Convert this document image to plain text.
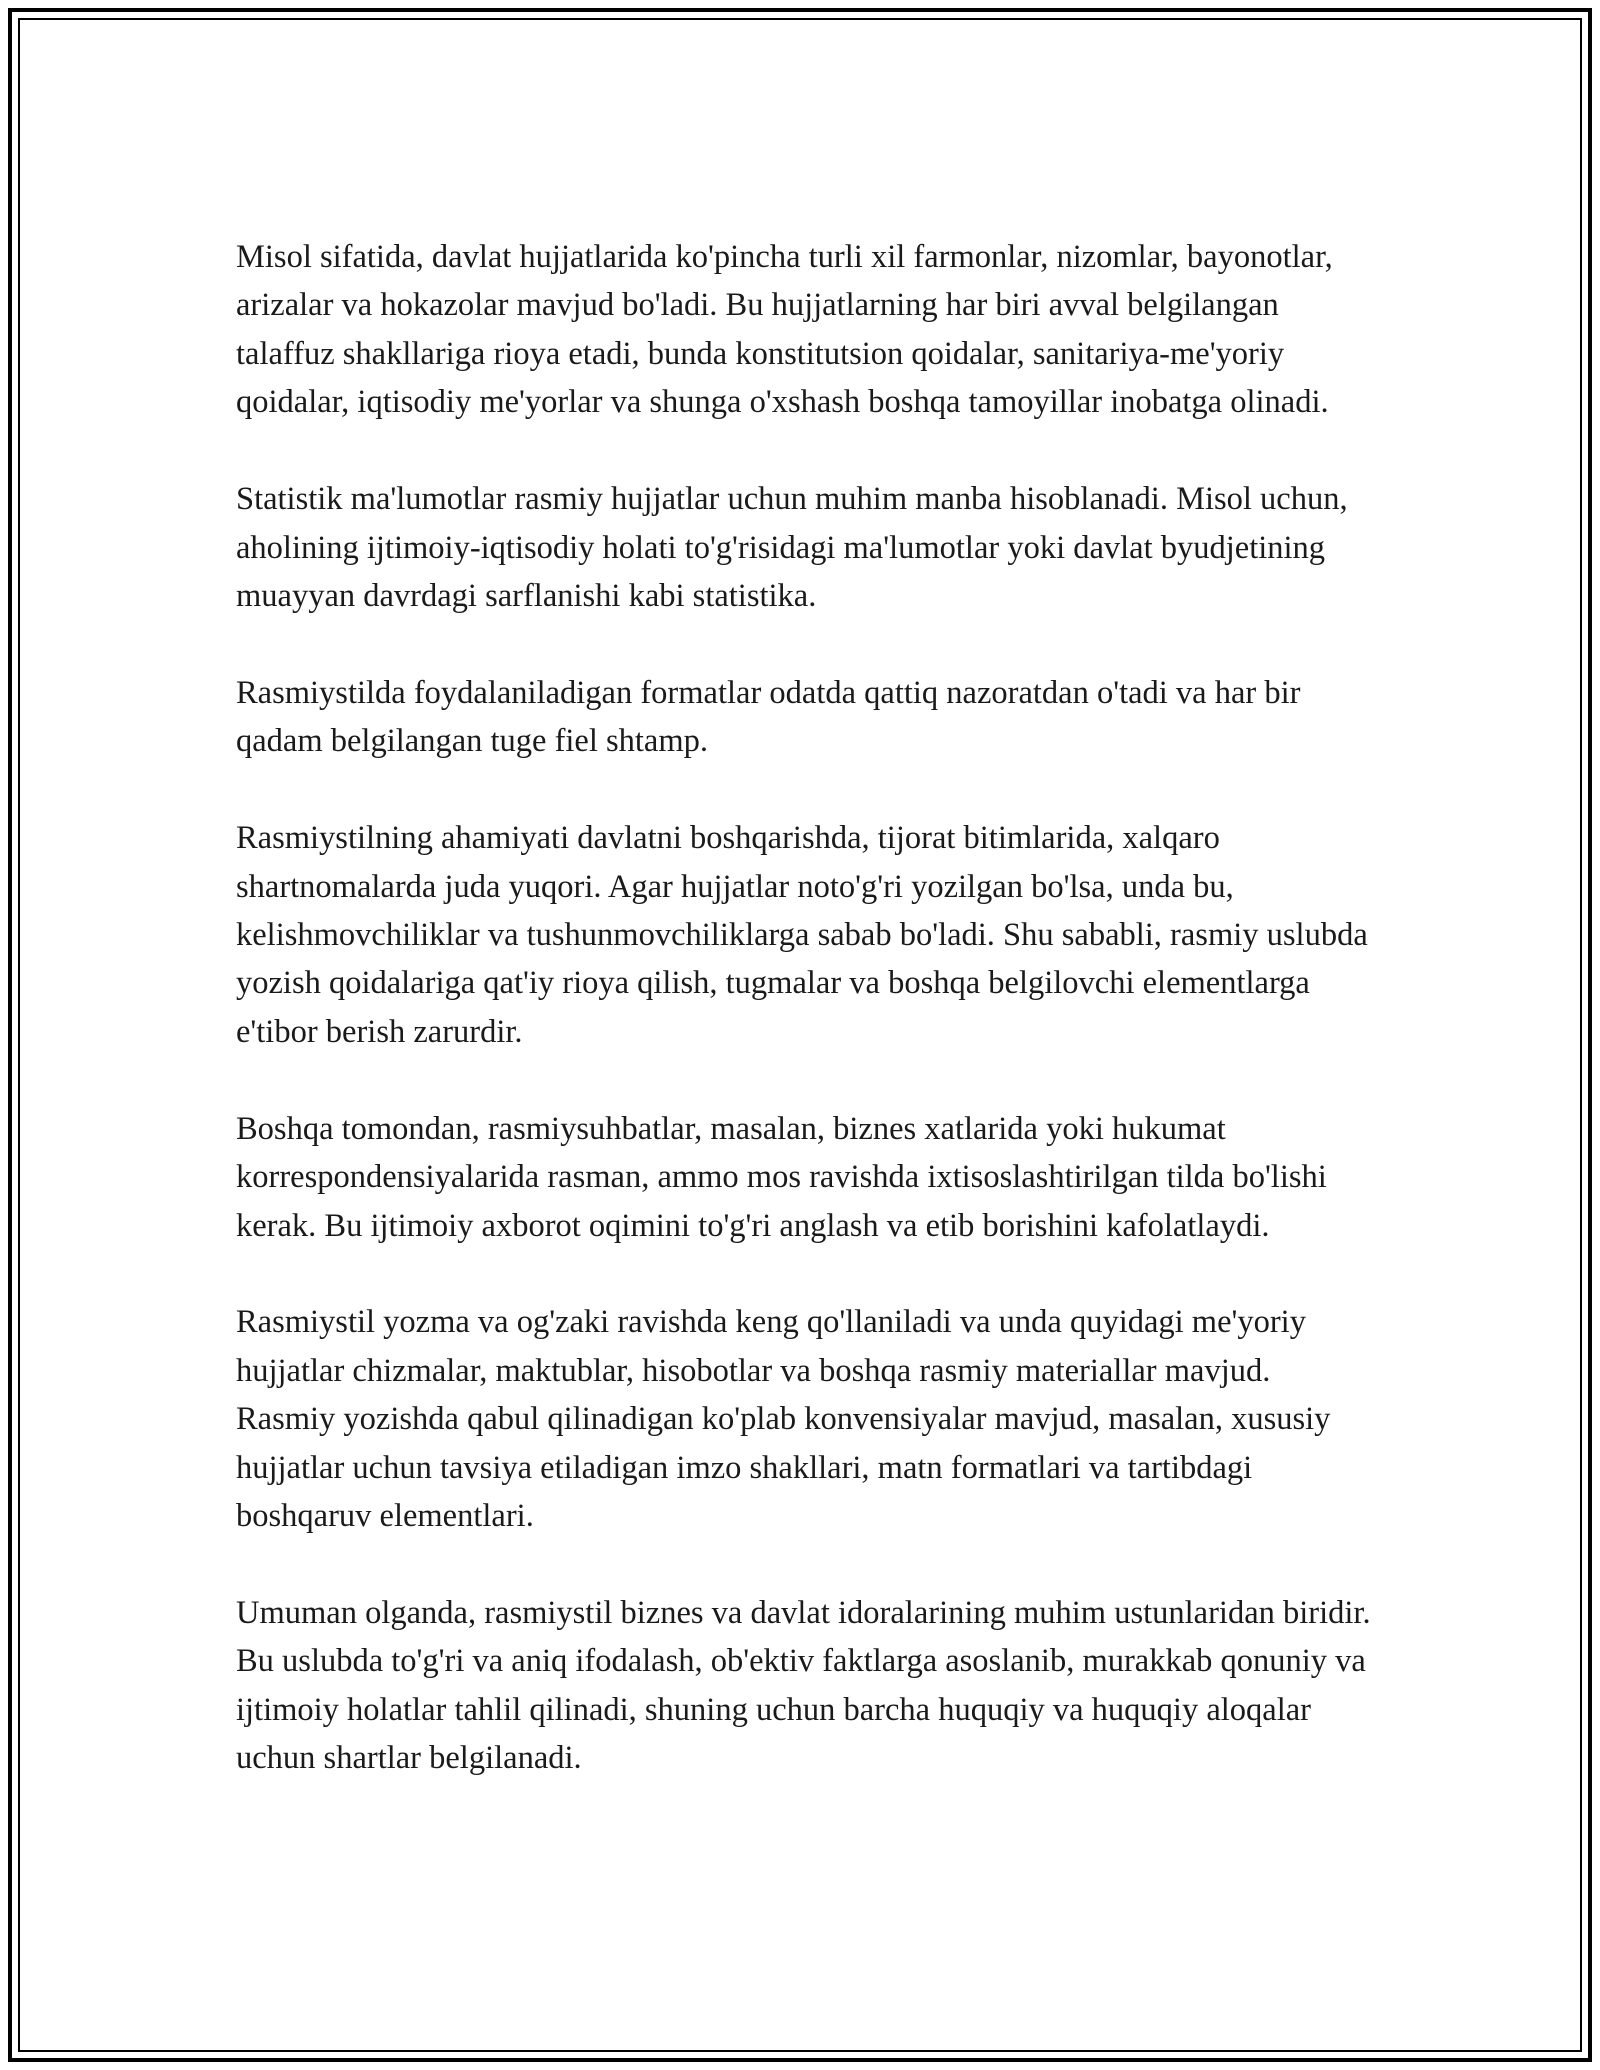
Misol sifatida, davlat hujjatlarida ko'pincha turli xil farmonlar, nizomlar, bayonotlar, arizalar va hokazolar mavjud bo'ladi. Bu hujjatlarning har biri avval belgilangan talaffuz shakllariga rioya etadi, bunda konstitutsion qoidalar, sanitariya-me'yoriy qoidalar, iqtisodiy me'yorlar va shunga o'xshash boshqa tamoyillar inobatga olinadi.

Statistik ma'lumotlar rasmiy hujjatlar uchun muhim manba hisoblanadi. Misol uchun, aholining ijtimoiy-iqtisodiy holati to'g'risidagi ma'lumotlar yoki davlat byudjetining muayyan davrdagi sarflanishi kabi statistika.

Rasmiystilda foydalaniladigan formatlar odatda qattiq nazoratdan o'tadi va har bir qadam belgilangan tuge fiel shtamp.

Rasmiystilning ahamiyati davlatni boshqarishda, tijorat bitimlarida, xalqaro shartnomalarda juda yuqori. Agar hujjatlar noto'g'ri yozilgan bo'lsa, unda bu, kelishmovchiliklar va tushunmovchiliklarga sabab bo'ladi. Shu sababli, rasmiy uslubda yozish qoidalariga qat'iy rioya qilish, tugmalar va boshqa belgilovchi elementlarga e'tibor berish zarurdir.

Boshqa tomondan, rasmiysuhbatlar, masalan, biznes xatlarida yoki hukumat korrespondensiyalarida rasman, ammo mos ravishda ixtisoslashtirilgan tilda bo'lishi kerak. Bu ijtimoiy axborot oqimini to'g'ri anglash va etib borishini kafolatlaydi.

Rasmiystil yozma va og'zaki ravishda keng qo'llaniladi va unda quyidagi me'yoriy hujjatlar chizmalar, maktublar, hisobotlar va boshqa rasmiy materiallar mavjud. Rasmiy yozishda qabul qilinadigan ko'plab konvensiyalar mavjud, masalan, xususiy hujjatlar uchun tavsiya etiladigan imzo shakllari, matn formatlari va tartibdagi boshqaruv elementlari.

Umuman olganda, rasmiystil biznes va davlat idoralarining muhim ustunlaridan biridir. Bu uslubda to'g'ri va aniq ifodalash, ob'ektiv faktlarga asoslanib, murakkab qonuniy va ijtimoiy holatlar tahlil qilinadi, shuning uchun barcha huquqiy va huquqiy aloqalar uchun shartlar belgilanadi.
